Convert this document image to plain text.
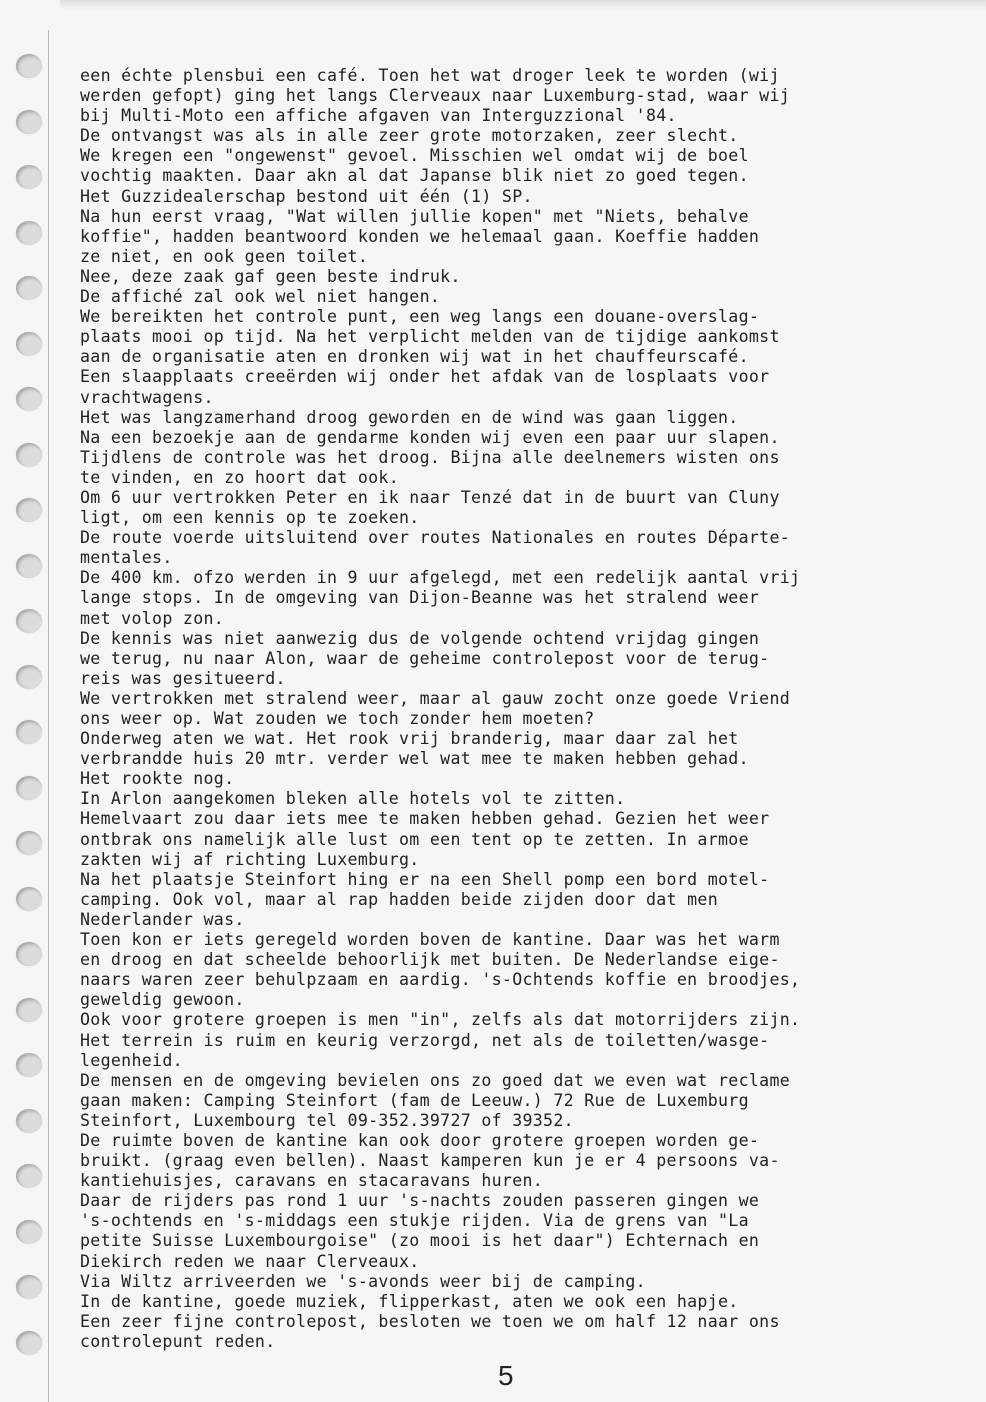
een échte plensbui een café. Toen het wat droger leek te worden (wij
werden gefopt) ging het langs Clerveaux naar Luxemburg-stad, waar wij
bij Multi-Moto een affiche afgaven van Interguzzional '84.
De ontvangst was als in alle zeer grote motorzaken, zeer slecht.
We kregen een "ongewenst" gevoel. Misschien wel omdat wij de boel
vochtig maakten. Daar akn al dat Japanse blik niet zo goed tegen.
Het Guzzidealerschap bestond uit één (1) SP.
Na hun eerst vraag, "Wat willen jullie kopen" met "Niets, behalve
koffie", hadden beantwoord konden we helemaal gaan. Koeffie hadden
ze niet, en ook geen toilet.
Nee, deze zaak gaf geen beste indruk.
De affiché zal ook wel niet hangen.
We bereikten het controle punt, een weg langs een douane-overslag-
plaats mooi op tijd. Na het verplicht melden van de tijdige aankomst
aan de organisatie aten en dronken wij wat in het chauffeurscafé.
Een slaapplaats creeërden wij onder het afdak van de losplaats voor
vrachtwagens.
Het was langzamerhand droog geworden en de wind was gaan liggen.
Na een bezoekje aan de gendarme konden wij even een paar uur slapen.
Tijdlens de controle was het droog. Bijna alle deelnemers wisten ons
te vinden, en zo hoort dat ook.
Om 6 uur vertrokken Peter en ik naar Tenzé dat in de buurt van Cluny
ligt, om een kennis op te zoeken.
De route voerde uitsluitend over routes Nationales en routes Départe-
mentales.
De 400 km. ofzo werden in 9 uur afgelegd, met een redelijk aantal vrij
lange stops. In de omgeving van Dijon-Beanne was het stralend weer
met volop zon.
De kennis was niet aanwezig dus de volgende ochtend vrijdag gingen
we terug, nu naar Alon, waar de geheime controlepost voor de terug-
reis was gesitueerd.
We vertrokken met stralend weer, maar al gauw zocht onze goede Vriend
ons weer op. Wat zouden we toch zonder hem moeten?
Onderweg aten we wat. Het rook vrij branderig, maar daar zal het
verbrandde huis 20 mtr. verder wel wat mee te maken hebben gehad.
Het rookte nog.
In Arlon aangekomen bleken alle hotels vol te zitten.
Hemelvaart zou daar iets mee te maken hebben gehad. Gezien het weer
ontbrak ons namelijk alle lust om een tent op te zetten. In armoe
zakten wij af richting Luxemburg.
Na het plaatsje Steinfort hing er na een Shell pomp een bord motel-
camping. Ook vol, maar al rap hadden beide zijden door dat men
Nederlander was.
Toen kon er iets geregeld worden boven de kantine. Daar was het warm
en droog en dat scheelde behoorlijk met buiten. De Nederlandse eige-
naars waren zeer behulpzaam en aardig. 's-Ochtends koffie en broodjes,
geweldig gewoon.
Ook voor grotere groepen is men "in", zelfs als dat motorrijders zijn.
Het terrein is ruim en keurig verzorgd, net als de toiletten/wasge-
legenheid.
De mensen en de omgeving bevielen ons zo goed dat we even wat reclame
gaan maken: Camping Steinfort (fam de Leeuw.) 72 Rue de Luxemburg
Steinfort, Luxembourg tel 09-352.39727 of 39352.
De ruimte boven de kantine kan ook door grotere groepen worden ge-
bruikt. (graag even bellen). Naast kamperen kun je er 4 persoons va-
kantiehuisjes, caravans en stacaravans huren.
Daar de rijders pas rond 1 uur 's-nachts zouden passeren gingen we
's-ochtends en 's-middags een stukje rijden. Via de grens van "La
petite Suisse Luxembourgoise" (zo mooi is het daar") Echternach en
Diekirch reden we naar Clerveaux.
Via Wiltz arriveerden we 's-avonds weer bij de camping.
In de kantine, goede muziek, flipperkast, aten we ook een hapje.
Een zeer fijne controlepost, besloten we toen we om half 12 naar ons
controlepunt reden.
5
